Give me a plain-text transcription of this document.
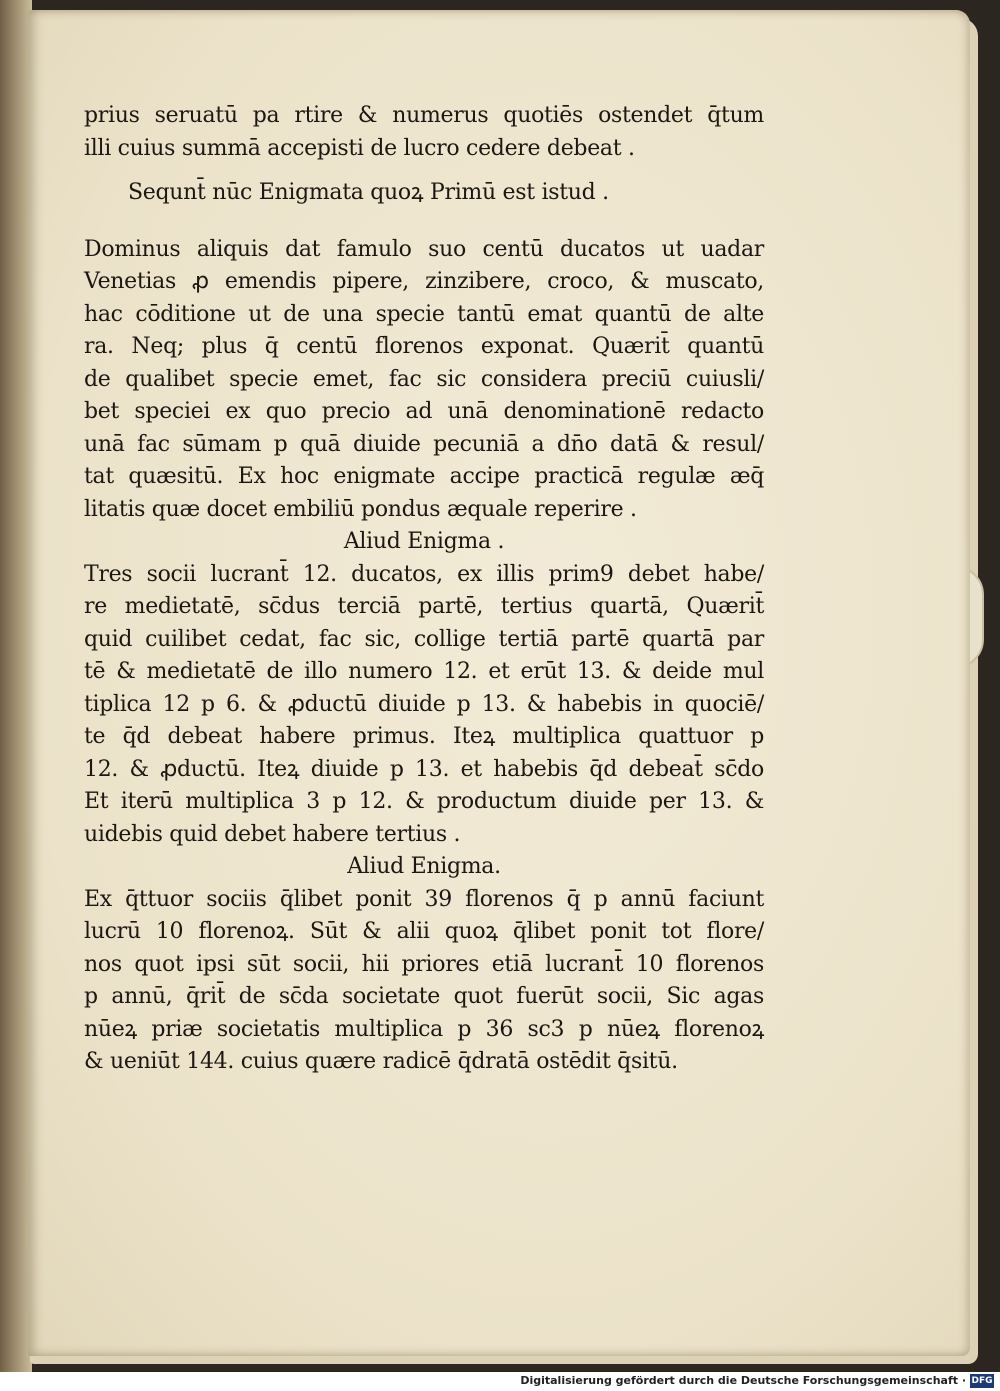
prius seruatū pa rtire & numerus quotiēs ostendet q̄tum
illi cuius summā accepisti de lucro cedere debeat .
Sequnt̄ nūc Enigmata quoꝝ Primū est istud .
Dominus aliquis dat famulo suo centū ducatos ut uadar
Venetias ꝓ emendis pipere, zinzibere, croco, & muscato,
hac cōditione ut de una specie tantū emat quantū de alte
ra. Neq; plus q̄ centū florenos exponat. Quærit̄ quantū
de qualibet specie emet, fac sic considera preciū cuiusli/
bet speciei ex quo precio ad unā denominationē redacto
unā fac sūmam p quā diuide pecuniā a dn̄o datā & resul/
tat quæsitū. Ex hoc enigmate accipe practicā regulæ æq̄
litatis quæ docet embiliū pondus æquale reperire .
Aliud Enigma .
Tres socii lucrant̄ 12. ducatos, ex illis prim9 debet habe/
re medietatē, sc̄dus terciā partē, tertius quartā, Quærit̄
quid cuilibet cedat, fac sic, collige tertiā partē quartā par
tē & medietatē de illo numero 12. et erūt 13. & deide mul
tiplica 12 p 6. & ꝓductū diuide p 13. & habebis in quociē/
te q̄d debeat habere primus. Iteꝝ multiplica quattuor p
12. & ꝓductū. Iteꝝ diuide p 13. et habebis q̄d debeat̄ sc̄do
Et iterū multiplica 3 p 12. & productum diuide per 13. &
uidebis quid debet habere tertius .
Aliud Enigma.
Ex q̄ttuor sociis q̄libet ponit 39 florenos q̄ p annū faciunt
lucrū 10 florenoꝝ. Sūt & alii quoꝝ q̄libet ponit tot flore/
nos quot ipsi sūt socii, hii priores etiā lucrant̄ 10 florenos
p annū, q̄rit̄ de sc̄da societate quot fuerūt socii, Sic agas
nūeꝝ priæ societatis multiplica p 36 sc3 p nūeꝝ florenoꝝ
& ueniūt 144. cuius quære radicē q̄dratā ostēdit q̄sitū.
Digitalisierung gefördert durch die Deutsche Forschungsgemeinschaft · DFG
